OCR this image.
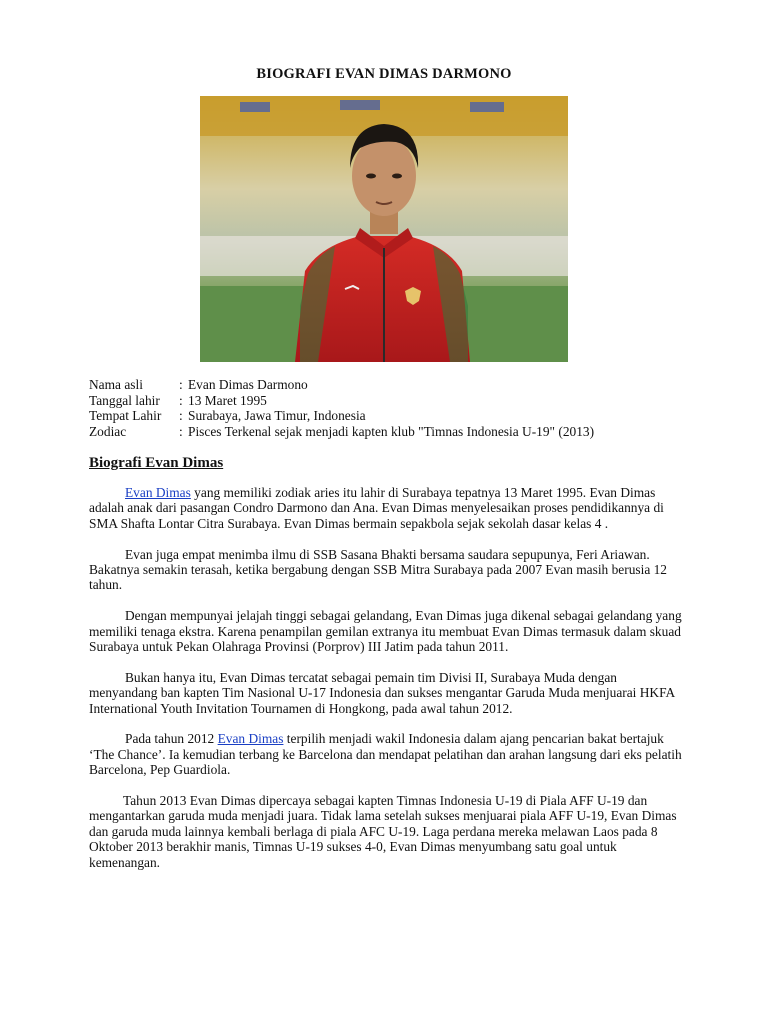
BIOGRAFI EVAN DIMAS DARMONO
Nama asli	: Evan Dimas Darmono
Tanggal lahir	: 13 Maret 1995
Tempat Lahir	: Surabaya, Jawa Timur, Indonesia
Zodiac	: Pisces Terkenal sejak menjadi kapten klub "Timnas Indonesia U-19" (2013)
Biografi Evan Dimas

Evan Dimas yang memiliki zodiak aries itu lahir di Surabaya tepatnya 13 Maret 1995. Evan Dimas adalah anak dari pasangan Condro Darmono dan Ana. Evan Dimas menyelesaikan proses pendidikannya di SMA Shafta Lontar Citra Surabaya. Evan Dimas bermain sepakbola sejak sekolah dasar kelas 4 .

Evan juga empat menimba ilmu di SSB Sasana Bhakti bersama saudara sepupunya, Feri Ariawan. Bakatnya semakin terasah, ketika bergabung dengan SSB Mitra Surabaya pada 2007 Evan masih berusia 12 tahun.

Dengan mempunyai jelajah tinggi sebagai gelandang, Evan Dimas juga dikenal sebagai gelandang yang memiliki tenaga ekstra. Karena penampilan gemilan extranya itu membuat Evan Dimas termasuk dalam skuad Surabaya untuk Pekan Olahraga Provinsi (Porprov) III Jatim pada tahun 2011.

Bukan hanya itu, Evan Dimas tercatat sebagai pemain tim Divisi II, Surabaya Muda dengan menyandang ban kapten Tim Nasional U-17 Indonesia dan sukses mengantar Garuda Muda menjuarai HKFA International Youth Invitation Tournamen di Hongkong, pada awal tahun 2012.

Pada tahun 2012 Evan Dimas terpilih menjadi wakil Indonesia dalam ajang pencarian bakat bertajuk ‘The Chance’. Ia kemudian terbang ke Barcelona dan mendapat pelatihan dan arahan langsung dari eks pelatih Barcelona, Pep Guardiola.

Tahun 2013 Evan Dimas dipercaya sebagai kapten Timnas Indonesia U-19 di Piala AFF U-19 dan mengantarkan garuda muda menjadi juara. Tidak lama setelah sukses menjuarai piala AFF U-19, Evan Dimas dan garuda muda lainnya kembali berlaga di piala AFC U-19. Laga perdana mereka melawan Laos pada 8 Oktober 2013 berakhir manis, Timnas U-19 sukses 4-0, Evan Dimas menyumbang satu goal untuk kemenangan.
